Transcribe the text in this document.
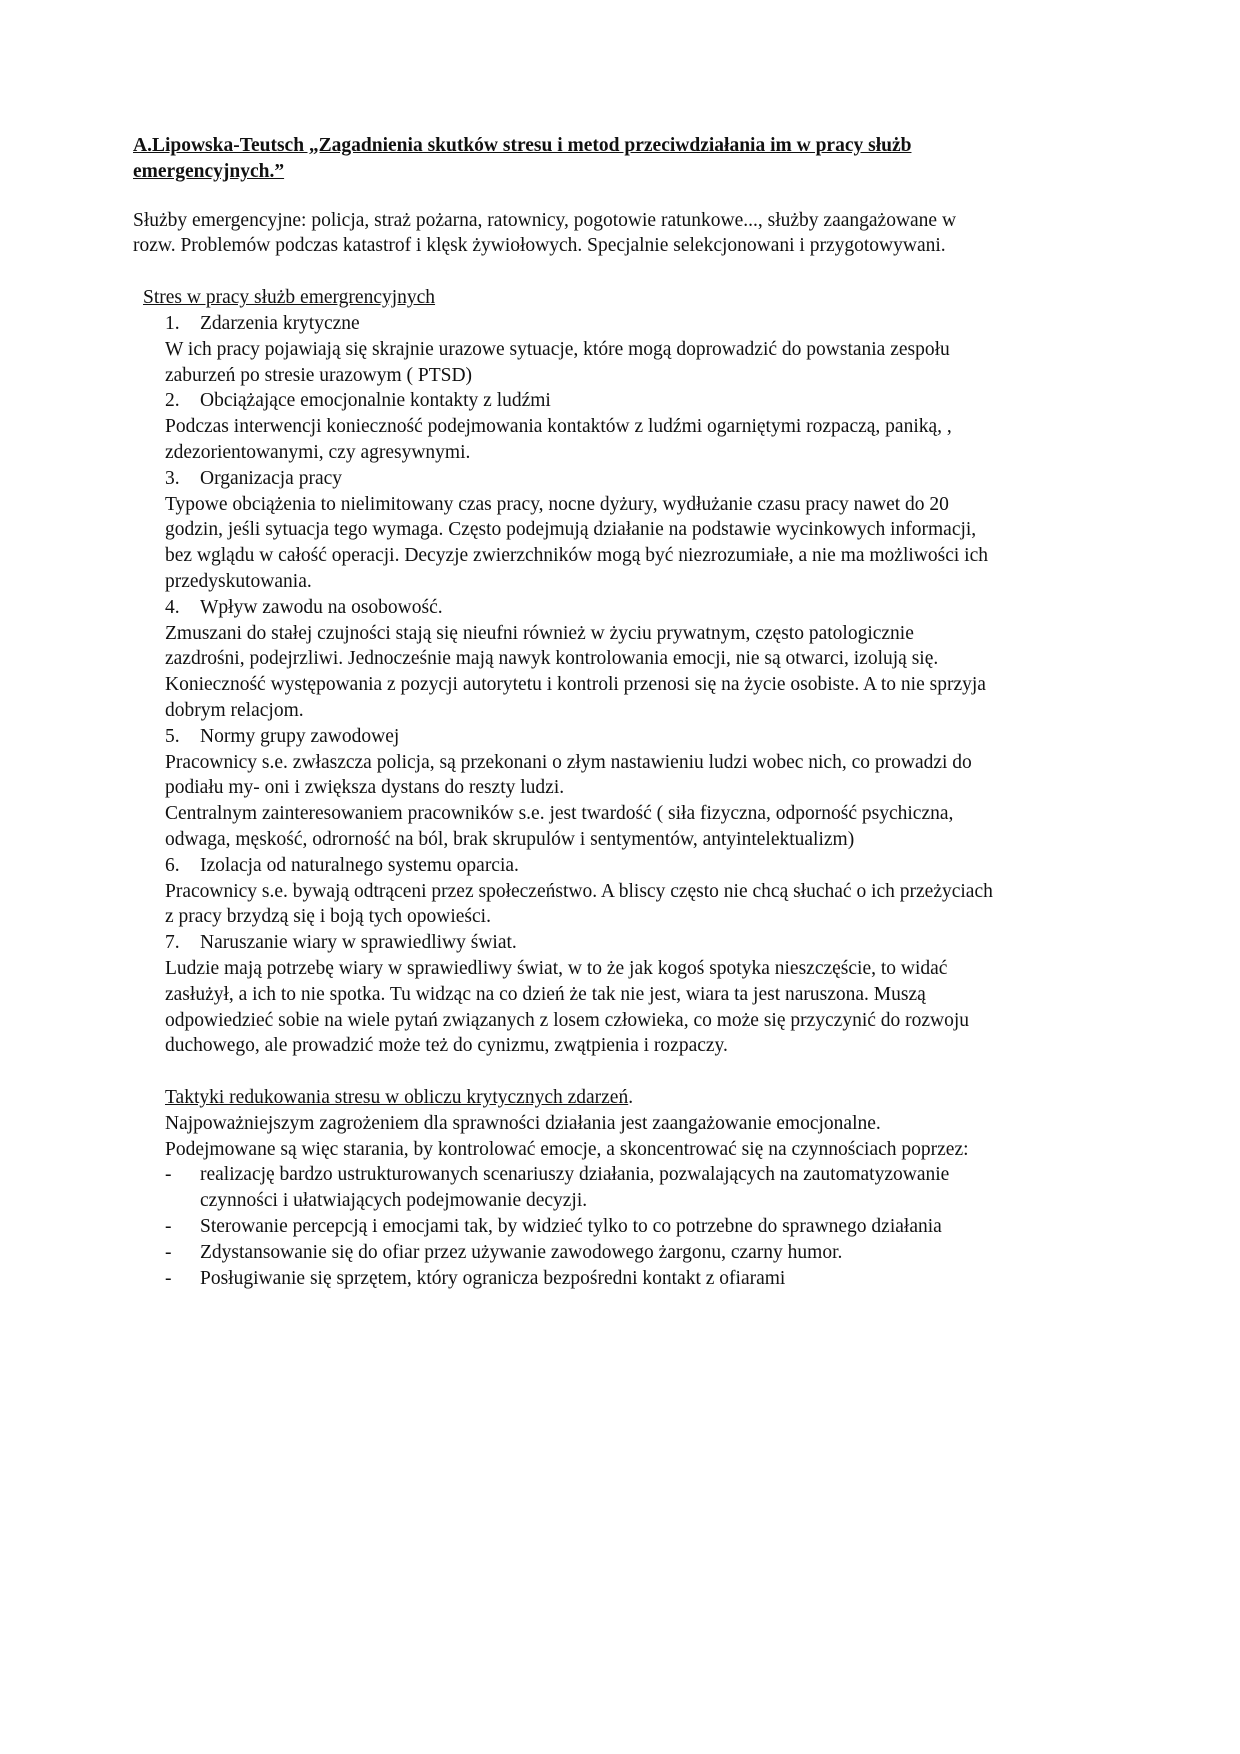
A.Lipowska-Teutsch „Zagadnienia skutków stresu i metod przeciwdziałania im w pracy służb emergencyjnych.”
Służby emergencyjne: policja, straż pożarna, ratownicy, pogotowie ratunkowe..., służby zaangażowane w rozw. Problemów podczas katastrof i klęsk żywiołowych. Specjalnie selekcjonowani i przygotowywani.
Stres w pracy służb emergrencyjnych
1.	Zdarzenia krytyczne
W ich pracy pojawiają się skrajnie urazowe sytuacje, które mogą doprowadzić do powstania zespołu zaburzeń po stresie urazowym ( PTSD)
2.	Obciążające emocjonalnie kontakty z ludźmi
Podczas interwencji konieczność podejmowania kontaktów z ludźmi ogarniętymi rozpaczą, paniką, , zdezorientowanymi, czy agresywnymi.
3.	Organizacja pracy
Typowe obciążenia to nielimitowany czas pracy, nocne dyżury, wydłużanie czasu pracy nawet do 20 godzin, jeśli sytuacja tego wymaga. Często podejmują działanie na podstawie wycinkowych informacji, bez wglądu w całość operacji. Decyzje zwierzchników mogą być niezrozumiałe, a nie ma możliwości ich przedyskutowania.
4.	Wpływ zawodu na osobowość.
Zmuszani do stałej czujności stają się nieufni również w życiu prywatnym, często patologicznie zazdrośni, podejrzliwi. Jednocześnie mają nawyk kontrolowania emocji, nie są otwarci, izolują się. Konieczność występowania z pozycji autorytetu i kontroli przenosi się na życie osobiste. A to nie sprzyja dobrym relacjom.
5.	Normy grupy zawodowej
Pracownicy s.e. zwłaszcza policja, są przekonani o złym nastawieniu ludzi wobec nich, co prowadzi do podiału my- oni i zwiększa dystans do reszty ludzi.
Centralnym zainteresowaniem pracowników s.e. jest twardość ( siła fizyczna, odporność psychiczna, odwaga, męskość, odrorność na ból, brak skrupulów i sentymentów, antyintelektualizm)
6.	Izolacja od naturalnego systemu oparcia.
Pracownicy s.e. bywają odtrąceni przez społeczeństwo. A bliscy często nie chcą słuchać o ich przeżyciach z pracy brzydzą się i boją tych opowieści.
7.	Naruszanie wiary w sprawiedliwy świat.
Ludzie mają potrzebę wiary w sprawiedliwy świat, w to że jak kogoś spotyka nieszczęście, to widać zasłużył, a ich to nie spotka. Tu widząc na co dzień że tak nie jest, wiara ta jest naruszona. Muszą odpowiedzieć sobie na wiele pytań związanych z losem człowieka, co może się przyczynić do rozwoju duchowego, ale prowadzić może też do cynizmu, zwątpienia i rozpaczy.
Taktyki redukowania stresu w obliczu krytycznych zdarzeń.
Najpoważniejszym zagrożeniem dla sprawności działania jest zaangażowanie emocjonalne. Podejmowane są więc starania, by kontrolować emocje, a skoncentrować się na czynnościach poprzez:
-	realizację bardzo ustrukturowanych scenariuszy działania, pozwalających na zautomatyzowanie czynności i ułatwiających podejmowanie decyzji.
-	Sterowanie percepcją i emocjami tak, by widzieć tylko to co potrzebne do sprawnego działania
-	Zdystansowanie się do ofiar przez używanie zawodowego żargonu, czarny humor.
-	Posługiwanie się sprzętem, który ogranicza bezpośredni kontakt z ofiarami
